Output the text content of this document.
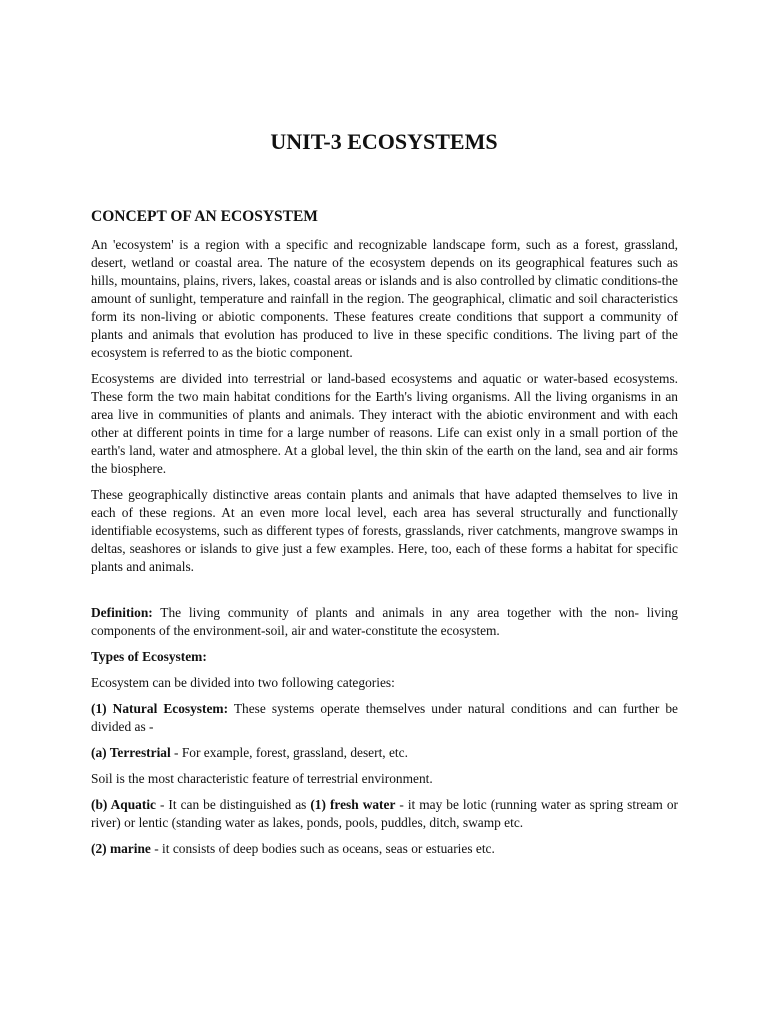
UNIT-3 ECOSYSTEMS
CONCEPT OF AN ECOSYSTEM

An 'ecosystem' is a region with a specific and recognizable landscape form, such as a forest, grassland, desert, wetland or coastal area. The nature of the ecosystem depends on its geographical features such as hills, mountains, plains, rivers, lakes, coastal areas or islands and is also controlled by climatic conditions-the amount of sunlight, temperature and rainfall in the region. The geographical, climatic and soil characteristics form its non-living or abiotic components. These features create conditions that support a community of plants and animals that evolution has produced to live in these specific conditions. The living part of the ecosystem is referred to as the biotic component.

Ecosystems are divided into terrestrial or land-based ecosystems and aquatic or water-based ecosystems. These form the two main habitat conditions for the Earth's living organisms. All the living organisms in an area live in communities of plants and animals. They interact with the abiotic environment and with each other at different points in time for a large number of reasons. Life can exist only in a small portion of the earth's land, water and atmosphere. At a global level, the thin skin of the earth on the land, sea and air forms the biosphere.

These geographically distinctive areas contain plants and animals that have adapted themselves to live in each of these regions. At an even more local level, each area has several structurally and functionally identifiable ecosystems, such as different types of forests, grasslands, river catchments, mangrove swamps in deltas, seashores or islands to give just a few examples. Here, too, each of these forms a habitat for specific plants and animals.

Definition: The living community of plants and animals in any area together with the non- living components of the environment-soil, air and water-constitute the ecosystem.

Types of Ecosystem:

Ecosystem can be divided into two following categories:

(1) Natural Ecosystem: These systems operate themselves under natural conditions and can further be divided as -

(a) Terrestrial - For example, forest, grassland, desert, etc.

Soil is the most characteristic feature of terrestrial environment.

(b) Aquatic - It can be distinguished as (1) fresh water - it may be lotic (running water as spring stream or river) or lentic (standing water as lakes, ponds, pools, puddles, ditch, swamp etc.

(2) marine - it consists of deep bodies such as oceans, seas or estuaries etc.
